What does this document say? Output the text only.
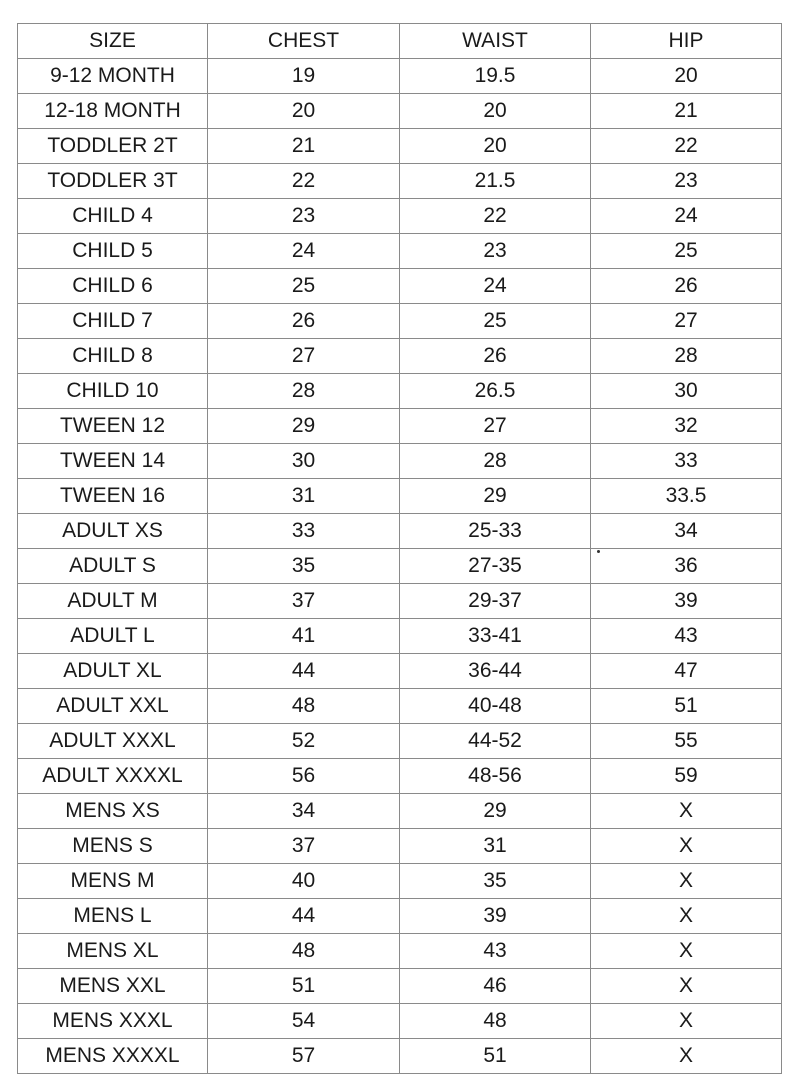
SIZE	CHEST	WAIST	HIP
9-12 MONTH	19	19.5	20
12-18 MONTH	20	20	21
TODDLER 2T	21	20	22
TODDLER 3T	22	21.5	23
CHILD 4	23	22	24
CHILD 5	24	23	25
CHILD 6	25	24	26
CHILD 7	26	25	27
CHILD 8	27	26	28
CHILD 10	28	26.5	30
TWEEN 12	29	27	32
TWEEN 14	30	28	33
TWEEN 16	31	29	33.5
ADULT XS	33	25-33	34
ADULT S	35	27-35	36
ADULT M	37	29-37	39
ADULT L	41	33-41	43
ADULT XL	44	36-44	47
ADULT XXL	48	40-48	51
ADULT XXXL	52	44-52	55
ADULT XXXXL	56	48-56	59
MENS XS	34	29	X
MENS S	37	31	X
MENS M	40	35	X
MENS L	44	39	X
MENS XL	48	43	X
MENS XXL	51	46	X
MENS XXXL	54	48	X
MENS XXXXL	57	51	X
